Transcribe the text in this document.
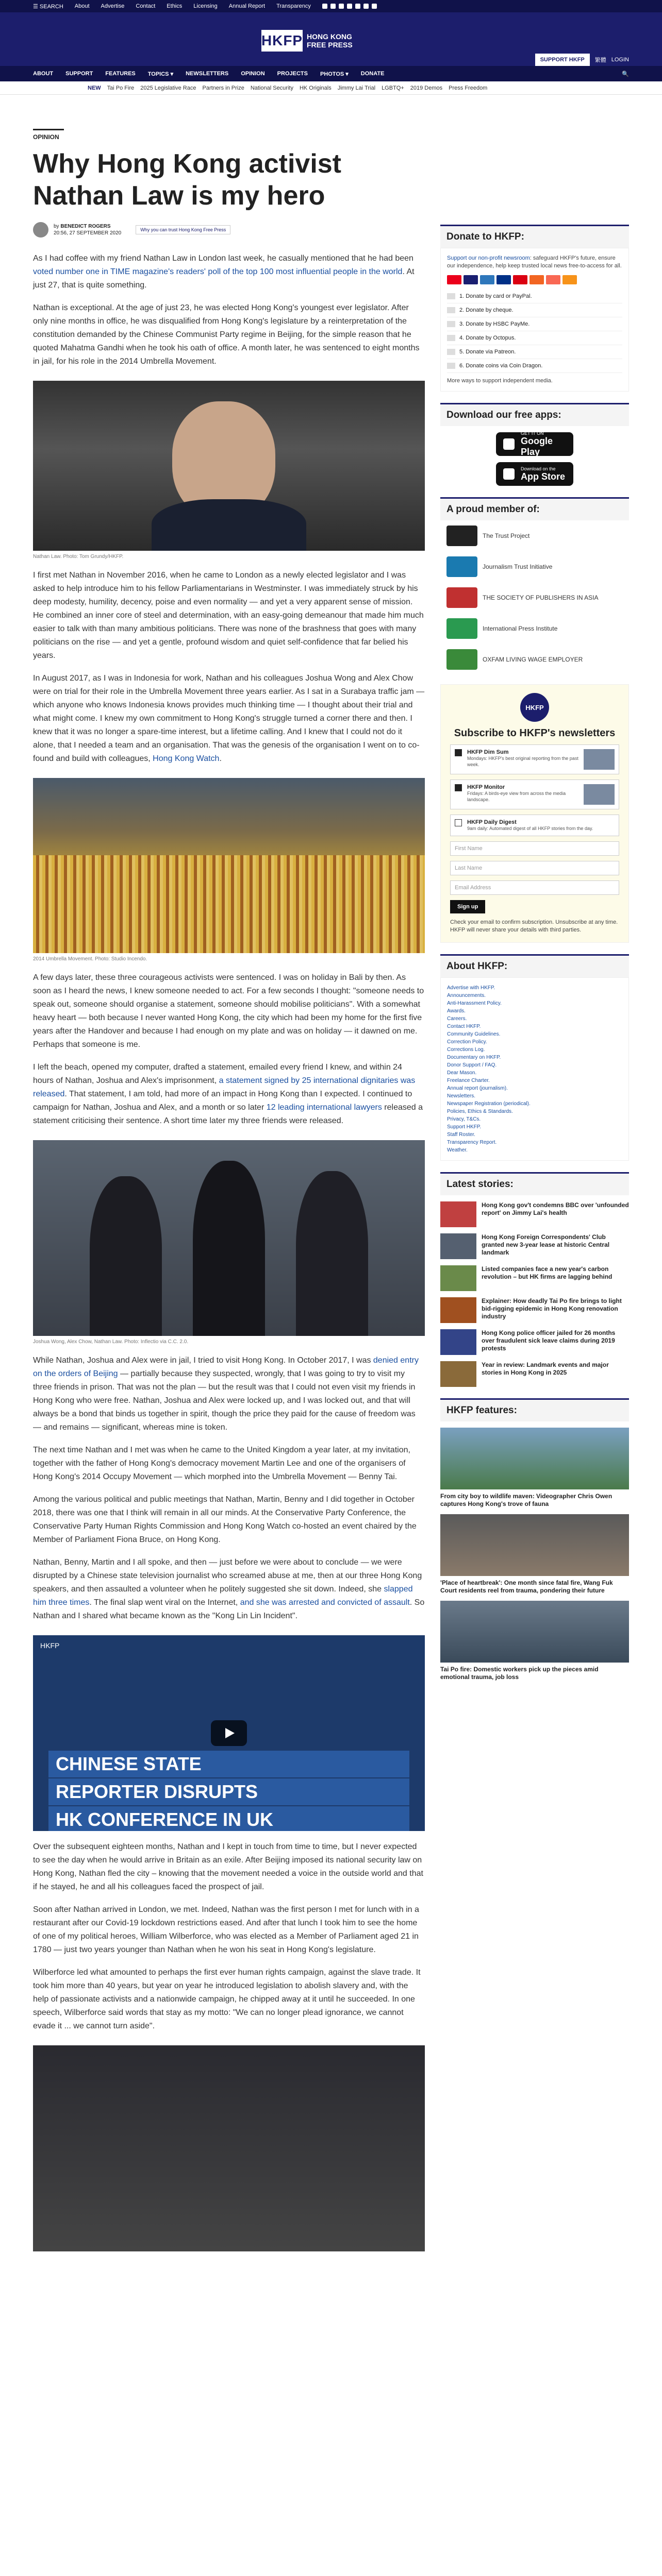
☰ SEARCH About Advertise Contact Ethics Licensing Annual Report Transparency
HKFP HONG KONG
FREE PRESS
SUPPORT HKFP	繁體 LOGIN
ABOUT SUPPORT FEATURES TOPICS ▾ NEWSLETTERS OPINION PROJECTS PHOTOS ▾ DONATE	🔍
NEW Tai Po Fire 2025 Legislative Race Partners in Prize National Security HK Originals Jimmy Lai Trial LGBTQ+ 2019 Demos Press Freedom
OPINION
Why Hong Kong activist Nathan Law is my hero
by BENEDICT ROGERS
20:56, 27 SEPTEMBER 2020
Why you can trust Hong Kong Free Press

As I had coffee with my friend Nathan Law in London last week, he casually mentioned that he had been voted number one in TIME magazine's readers' poll of the top 100 most influential people in the world. At just 27, that is quite something.

Nathan is exceptional. At the age of just 23, he was elected Hong Kong's youngest ever legislator. After only nine months in office, he was disqualified from Hong Kong's legislature by a reinterpretation of the constitution demanded by the Chinese Communist Party regime in Beijing, for the simple reason that he quoted Mahatma Gandhi when he took his oath of office. A month later, he was sentenced to eight months in jail, for his role in the 2014 Umbrella Movement.

Nathan Law. Photo: Tom Grundy/HKFP.

I first met Nathan in November 2016, when he came to London as a newly elected legislator and I was asked to help introduce him to his fellow Parliamentarians in Westminster. I was immediately struck by his deep modesty, humility, decency, poise and even normality — and yet a very apparent sense of mission. He combined an inner core of steel and determination, with an easy-going demeanour that made him much easier to talk with than many ambitious politicians. There was none of the brashness that goes with many politicians on the rise — and yet a gentle, profound wisdom and quiet self-confidence that far belied his years.

In August 2017, as I was in Indonesia for work, Nathan and his colleagues Joshua Wong and Alex Chow were on trial for their role in the Umbrella Movement three years earlier. As I sat in a Surabaya traffic jam — which anyone who knows Indonesia knows provides much thinking time — I thought about their trial and what might come. I knew my own commitment to Hong Kong's struggle turned a corner there and then. I knew that it was no longer a spare-time interest, but a lifetime calling. And I knew that I could not do it alone, that I needed a team and an organisation. That was the genesis of the organisation I went on to co-found and build with colleagues, Hong Kong Watch.

2014 Umbrella Movement. Photo: Studio Incendo.

A few days later, these three courageous activists were sentenced. I was on holiday in Bali by then. As soon as I heard the news, I knew someone needed to act. For a few seconds I thought: "someone needs to speak out, someone should organise a statement, someone should mobilise politicians". With a somewhat heavy heart — both because I never wanted Hong Kong, the city which had been my home for the first five years after the Handover and because I had enough on my plate and was on holiday — it dawned on me. Perhaps that someone is me.

I left the beach, opened my computer, drafted a statement, emailed every friend I knew, and within 24 hours of Nathan, Joshua and Alex's imprisonment, a statement signed by 25 international dignitaries was released. That statement, I am told, had more of an impact in Hong Kong than I expected. I continued to campaign for Nathan, Joshua and Alex, and a month or so later 12 leading international lawyers released a statement criticising their sentence. A short time later my three friends were released.

Joshua Wong, Alex Chow, Nathan Law. Photo: Inflectio via C.C. 2.0.

While Nathan, Joshua and Alex were in jail, I tried to visit Hong Kong. In October 2017, I was denied entry on the orders of Beijing — partially because they suspected, wrongly, that I was going to try to visit my three friends in prison. That was not the plan — but the result was that I could not even visit my friends in Hong Kong who were free. Nathan, Joshua and Alex were locked up, and I was locked out, and that will always be a bond that binds us together in spirit, though the price they paid for the cause of freedom was — and remains — significant, whereas mine is token.

The next time Nathan and I met was when he came to the United Kingdom a year later, at my invitation, together with the father of Hong Kong's democracy movement Martin Lee and one of the organisers of Hong Kong's 2014 Occupy Movement — which morphed into the Umbrella Movement — Benny Tai.

Among the various political and public meetings that Nathan, Martin, Benny and I did together in October 2018, there was one that I think will remain in all our minds. At the Conservative Party Conference, the Conservative Party Human Rights Commission and Hong Kong Watch co-hosted an event chaired by the Member of Parliament Fiona Bruce, on Hong Kong.

Nathan, Benny, Martin and I all spoke, and then — just before we were about to conclude — we were disrupted by a Chinese state television journalist who screamed abuse at me, then at our three Hong Kong speakers, and then assaulted a volunteer when he politely suggested she sit down. Indeed, she slapped him three times. The final slap went viral on the Internet, and she was arrested and convicted of assault. So Nathan and I shared what became known as the "Kong Lin Lin Incident".

HKFP
CHINESE STATE
REPORTER DISRUPTS
HK CONFERENCE IN UK

Over the subsequent eighteen months, Nathan and I kept in touch from time to time, but I never expected to see the day when he would arrive in Britain as an exile. After Beijing imposed its national security law on Hong Kong, Nathan fled the city – knowing that the movement needed a voice in the outside world and that if he stayed, he and all his colleagues faced the prospect of jail.

Soon after Nathan arrived in London, we met. Indeed, Nathan was the first person I met for lunch with in a restaurant after our Covid-19 lockdown restrictions eased. And after that lunch I took him to see the home of one of my political heroes, William Wilberforce, who was elected as a Member of Parliament aged 21 in 1780 — just two years younger than Nathan when he won his seat in Hong Kong's legislature.

Wilberforce led what amounted to perhaps the first ever human rights campaign, against the slave trade. It took him more than 40 years, but year on year he introduced legislation to abolish slavery and, with the help of passionate activists and a nationwide campaign, he chipped away at it until he succeeded. In one speech, Wilberforce said words that stay as my motto: "We can no longer plead ignorance, we cannot evade it ... we cannot turn aside".

Donate to HKFP:

Support our non-profit newsroom: safeguard HKFP's future, ensure our independence, help keep trusted local news free-to-access for all.

1. Donate by card or PayPal.
2. Donate by cheque.
3. Donate by HSBC PayMe.
4. Donate by Octopus.
5. Donate via Patreon.
6. Donate coins via Coin Dragon.
More ways to support independent media.
Download our free apps:
GET IT ON
Google Play
Download on the
App Store
A proud member of:
The Trust Project
Journalism Trust Initiative
THE SOCIETY OF PUBLISHERS IN ASIA
International Press Institute
OXFAM LIVING WAGE EMPLOYER
HKFP
Subscribe to HKFP's newsletters
HKFP Dim Sum
Mondays: HKFP's best original reporting from the past week.
HKFP Monitor
Fridays: A birds-eye view from across the media landscape.
HKFP Daily Digest
9am daily: Automated digest of all HKFP stories from the day.
First Name
Last Name
Email Address
Sign up

Check your email to confirm subscription. Unsubscribe at any time. HKFP will never share your details with third parties.

About HKFP:
Advertise with HKFP.
Announcements.
Anti-Harassment Policy.
Awards.
Careers.
Contact HKFP.
Community Guidelines.
Correction Policy.
Corrections Log.
Documentary on HKFP.
Donor Support / FAQ.
Dear Mason.
Freelance Charter.
Annual report (journalism).
Newsletters.
Newspaper Registration (periodical).
Policies, Ethics & Standards.
Privacy, T&Cs.
Support HKFP.
Staff Roster.
Transparency Report.
Weather.
Latest stories:
Hong Kong gov't condemns BBC over 'unfounded report' on Jimmy Lai's health
Hong Kong Foreign Correspondents' Club granted new 3-year lease at historic Central landmark
Listed companies face a new year's carbon revolution – but HK firms are lagging behind
Explainer: How deadly Tai Po fire brings to light bid-rigging epidemic in Hong Kong renovation industry
Hong Kong police officer jailed for 26 months over fraudulent sick leave claims during 2019 protests
Year in review: Landmark events and major stories in Hong Kong in 2025
HKFP features:
From city boy to wildlife maven: Videographer Chris Owen captures Hong Kong's trove of fauna
'Place of heartbreak': One month since fatal fire, Wang Fuk Court residents reel from trauma, pondering their future
Tai Po fire: Domestic workers pick up the pieces amid emotional trauma, job loss
